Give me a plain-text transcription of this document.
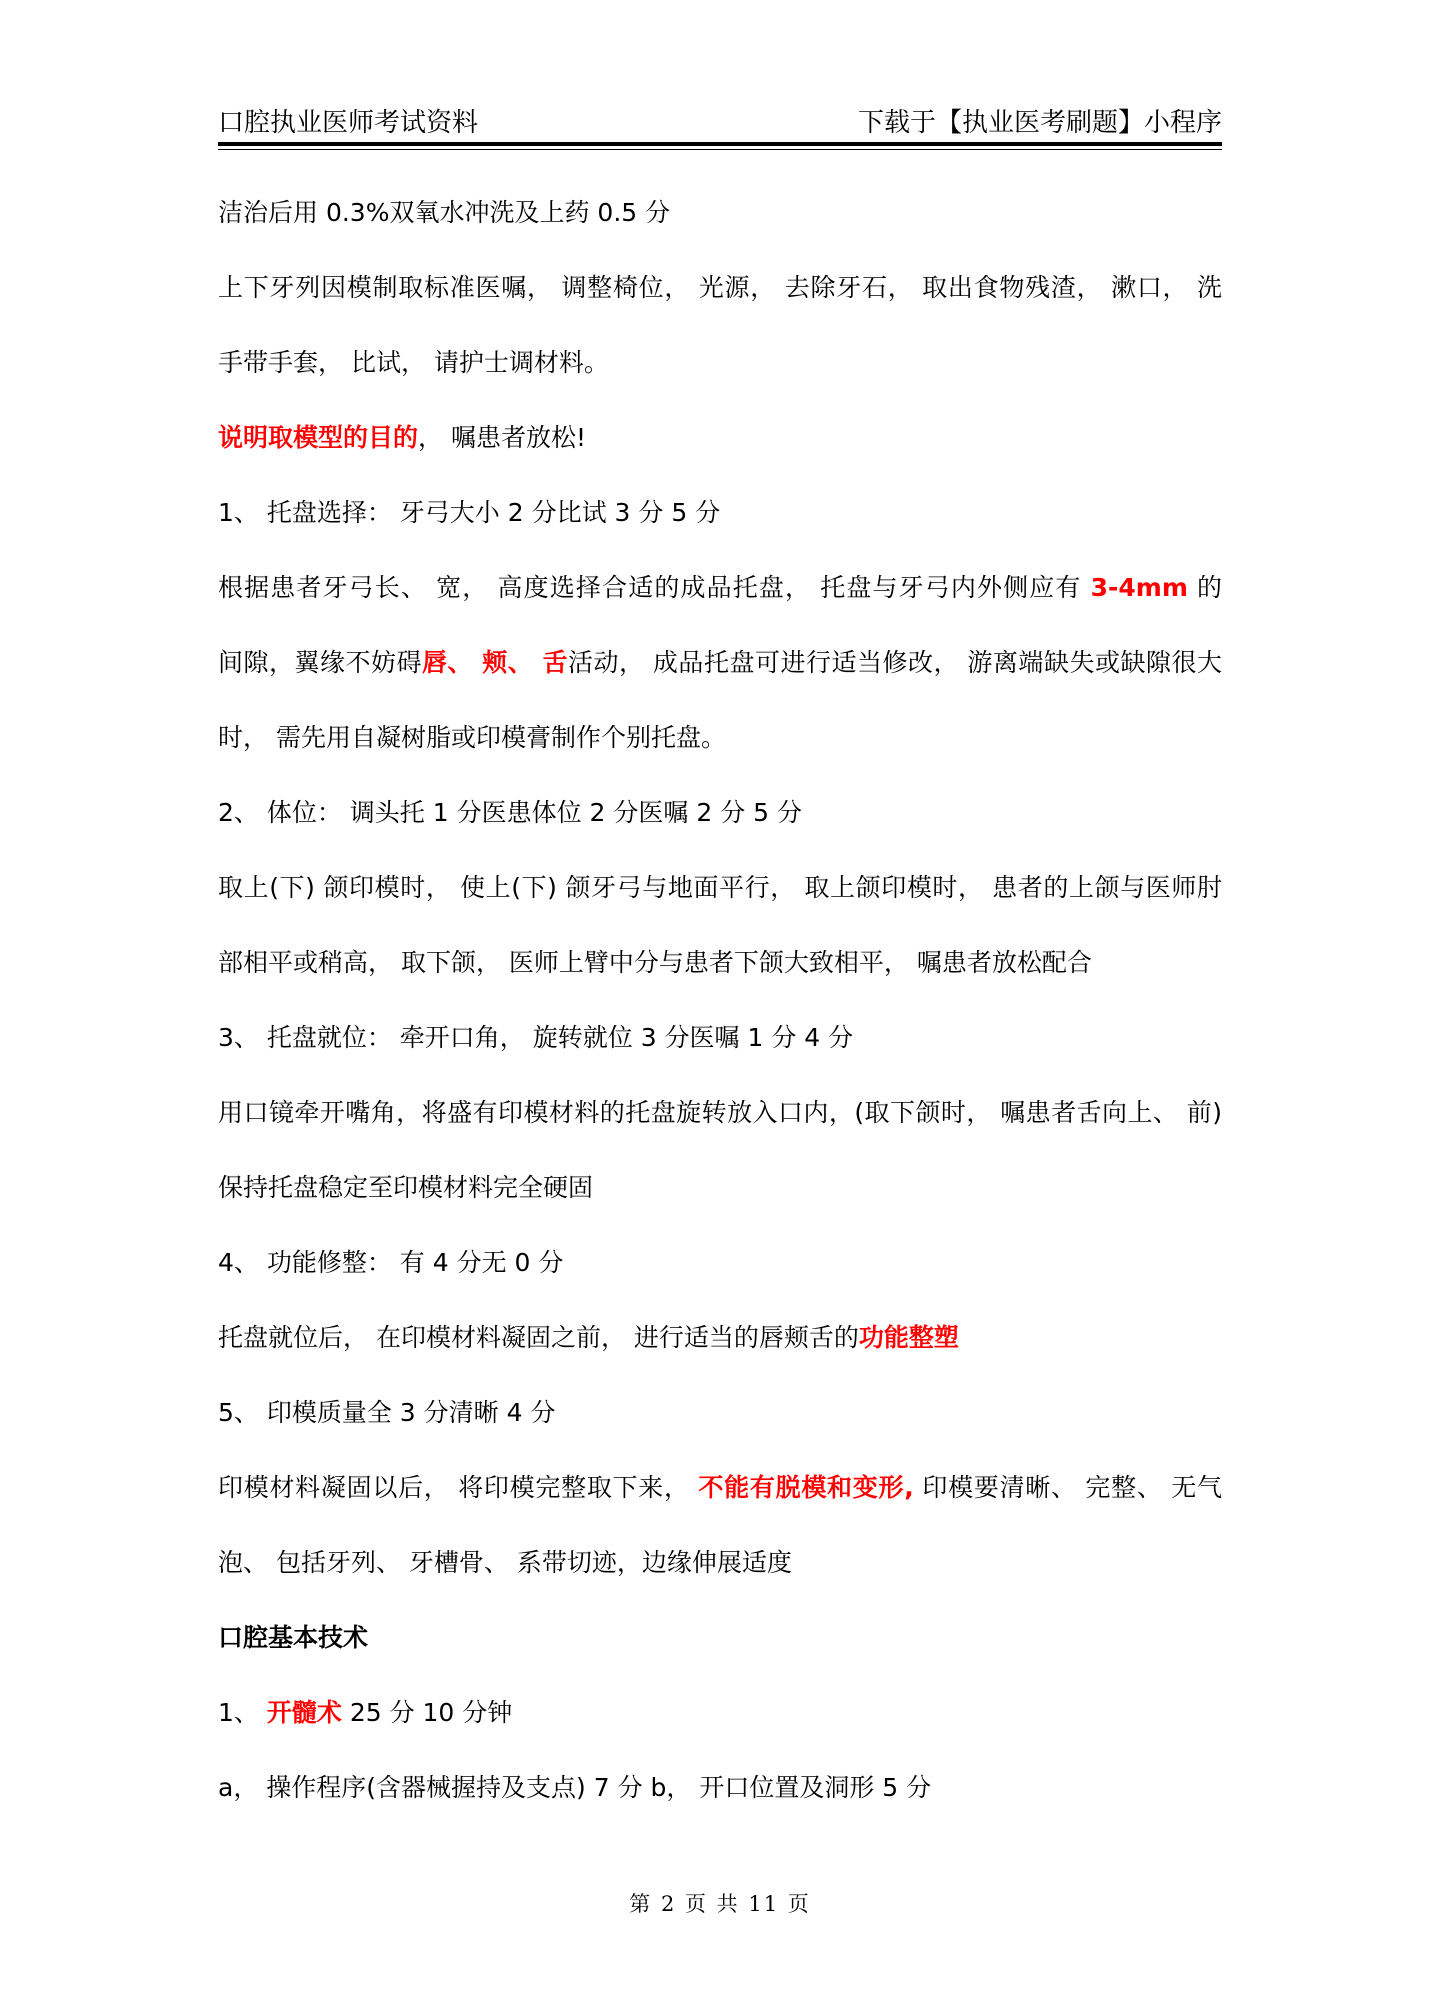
口腔执业医师考试资料	下载于【执业医考刷题】小程序
洁治后用 0.3%双氧水冲洗及上药 0.5 分
上下牙列因模制取标准医嘱， 调整椅位， 光源， 去除牙石， 取出食物残渣， 漱口， 洗
手带手套， 比试， 请护士调材料。
说明取模型的目的， 嘱患者放松!
1、 托盘选择： 牙弓大小 2 分比试 3 分 5 分
根据患者牙弓长、 宽， 高度选择合适的成品托盘， 托盘与牙弓内外侧应有 3-4mm 的
间隙，翼缘不妨碍唇、 颊、 舌活动， 成品托盘可进行适当修改， 游离端缺失或缺隙很大
时， 需先用自凝树脂或印模膏制作个别托盘。
2、 体位： 调头托 1 分医患体位 2 分医嘱 2 分 5 分
取上(下) 颌印模时， 使上(下) 颌牙弓与地面平行， 取上颌印模时， 患者的上颌与医师肘
部相平或稍高， 取下颌， 医师上臂中分与患者下颌大致相平， 嘱患者放松配合
3、 托盘就位： 牵开口角， 旋转就位 3 分医嘱 1 分 4 分
用口镜牵开嘴角，将盛有印模材料的托盘旋转放入口内，(取下颌时， 嘱患者舌向上、 前)
保持托盘稳定至印模材料完全硬固
4、 功能修整： 有 4 分无 0 分
托盘就位后， 在印模材料凝固之前， 进行适当的唇颊舌的功能整塑
5、 印模质量全 3 分清晰 4 分
印模材料凝固以后， 将印模完整取下来， 不能有脱模和变形, 印模要清晰、 完整、 无气
泡、 包括牙列、 牙槽骨、 系带切迹，边缘伸展适度
口腔基本技术
1、 开髓术 25 分 10 分钟
a， 操作程序(含器械握持及支点) 7 分 b， 开口位置及洞形 5 分
第 2 页 共 11 页
